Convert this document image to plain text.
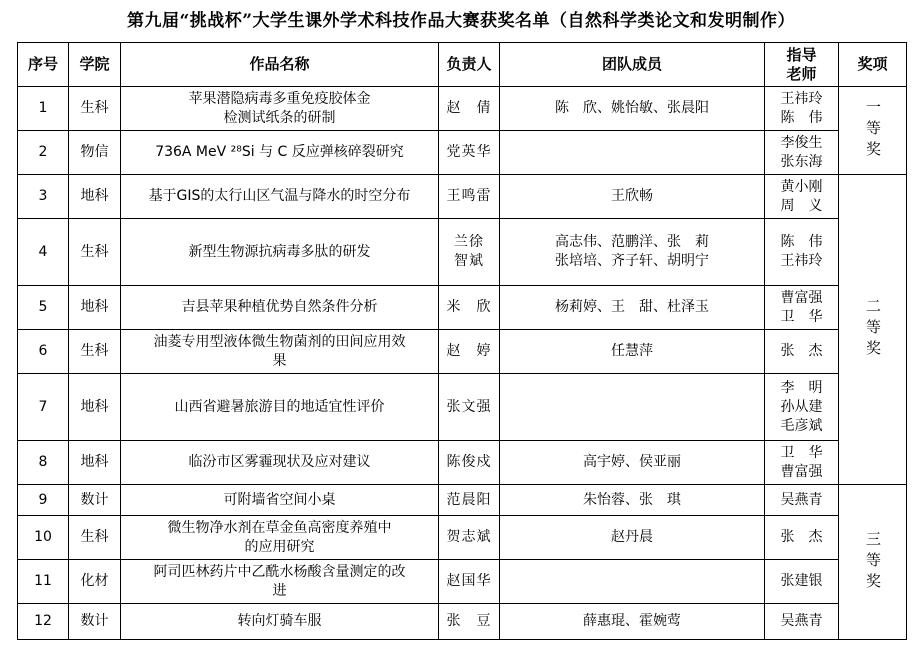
第九届“挑战杯”大学生课外学术科技作品大赛获奖名单（自然科学类论文和发明制作）
序号	学院	作品名称	负责人	团队成员	指导
老师	奖项
1	生科	苹果潜隐病毒多重免疫胶体金
检测试纸条的研制	赵　倩	陈　欣、姚怡敏、张晨阳	王祎玲
陈　伟	一等奖

2	物信	736A MeV ²⁸Si 与 C 反应弹核碎裂研究	党英华		李俊生
张东海	
3	地科	基于GIS的太行山区气温与降水的时空分布	王鸣雷	王欣畅	黄小刚
周　义	二等奖

4	生科	新型生物源抗病毒多肽的研发	兰徐
智斌	高志伟、范鹏洋、张　莉
张培培、齐子轩、胡明宁	陈　伟
王祎玲	
5	地科	吉县苹果种植优势自然条件分析	米　欣	杨莉婷、王　甜、杜泽玉	曹富强
卫　华	
6	生科	油菱专用型液体微生物菌剂的田间应用效
果	赵　婷	任慧萍	张　杰	
7	地科	山西省避暑旅游目的地适宜性评价	张文强		李　明
孙从建
毛彦斌	
8	地科	临汾市区雾霾现状及应对建议	陈俊戍	高宇婷、侯亚丽	卫　华
曹富强	
9	数计	可附墙省空间小桌	范晨阳	朱怡蓉、张　琪	吴燕青	三等奖

10	生科	微生物净水剂在草金鱼高密度养殖中
的应用研究	贺志斌	赵丹晨	张　杰	
11	化材	阿司匹林药片中乙酰水杨酸含量测定的改
进	赵国华		张建银	
12	数计	转向灯骑车服	张　豆	薛惠琨、霍婉莺	吴燕青	
